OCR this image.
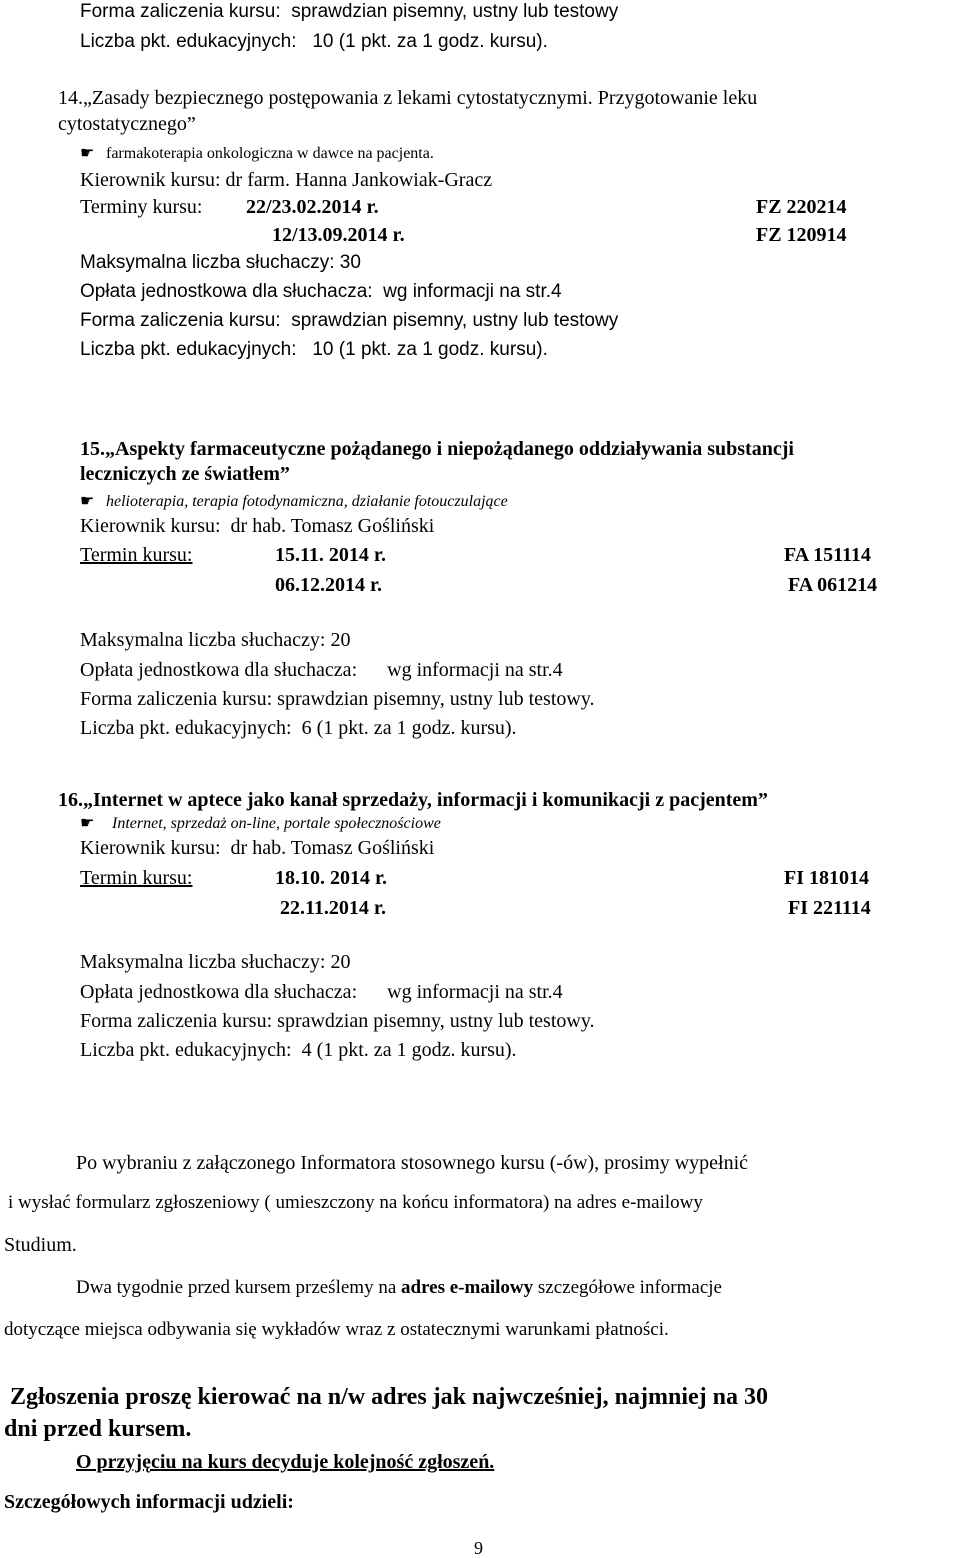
Forma zaliczenia kursu: sprawdzian pisemny, ustny lub testowy
Liczba pkt. edukacyjnych: 10 (1 pkt. za 1 godz. kursu).
14.„Zasady bezpiecznego postępowania z lekami cytostatycznymi. Przygotowanie leku
cytostatycznego”
☛ farmakoterapia onkologiczna w dawce na pacjenta.
Kierownik kursu: dr farm. Hanna Jankowiak-Gracz
Terminy kursu: 22/23.02.2014 r.	FZ 220214
12/13.09.2014 r.	FZ 120914
Maksymalna liczba słuchaczy: 30
Opłata jednostkowa dla słuchacza: wg informacji na str.4
Forma zaliczenia kursu: sprawdzian pisemny, ustny lub testowy
Liczba pkt. edukacyjnych: 10 (1 pkt. za 1 godz. kursu).
15.„Aspekty farmaceutyczne pożądanego i niepożądanego oddziaływania substancji
leczniczych ze światłem”
☛ helioterapia, terapia fotodynamiczna, działanie fotouczulające
Kierownik kursu: dr hab. Tomasz Gośliński
Termin kursu:	15.11. 2014 r.	FA 151114
06.12.2014 r.	FA 061214
Maksymalna liczba słuchaczy: 20
Opłata jednostkowa dla słuchacza: wg informacji na str.4
Forma zaliczenia kursu: sprawdzian pisemny, ustny lub testowy.
Liczba pkt. edukacyjnych: 6 (1 pkt. za 1 godz. kursu).
16.„Internet w aptece jako kanał sprzedaży, informacji i komunikacji z pacjentem”
☛ Internet, sprzedaż on-line, portale społecznościowe
Kierownik kursu: dr hab. Tomasz Gośliński
Termin kursu:	18.10. 2014 r.	FI 181014
22.11.2014 r.	FI 221114
Maksymalna liczba słuchaczy: 20
Opłata jednostkowa dla słuchacza: wg informacji na str.4
Forma zaliczenia kursu: sprawdzian pisemny, ustny lub testowy.
Liczba pkt. edukacyjnych: 4 (1 pkt. za 1 godz. kursu).
Po wybraniu z załączonego Informatora stosownego kursu (-ów), prosimy wypełnić
i wysłać formularz zgłoszeniowy ( umieszczony na końcu informatora) na adres e-mailowy
Studium.
Dwa tygodnie przed kursem prześlemy na adres e-mailowy szczegółowe informacje
dotyczące miejsca odbywania się wykładów wraz z ostatecznymi warunkami płatności.
Zgłoszenia proszę kierować na n/w adres jak najwcześniej, najmniej na 30
dni przed kursem.
O przyjęciu na kurs decyduje kolejność zgłoszeń.
Szczegółowych informacji udzieli:
9
